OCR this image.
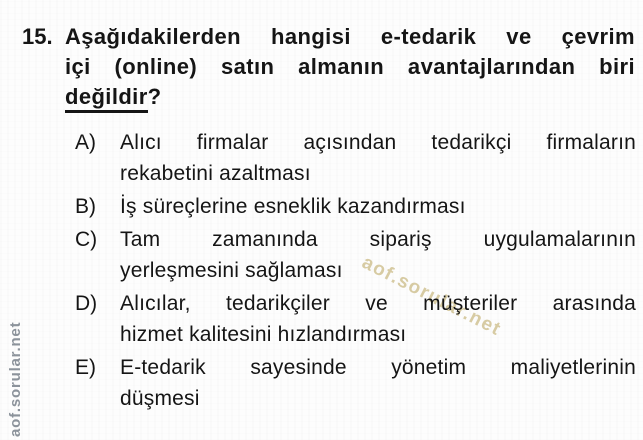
aof.sorular.net
aof.sorular.net
15. Aşağıdakilerden hangisi e-tedarik ve çevrim
içi (online) satın almanın avantajlarından biri
değildir?
A)	Alıcı firmalar açısından tedarikçi firmaların
rekabetini azaltması
B)	İş süreçlerine esneklik kazandırması
C)	Tam zamanında sipariş uygulamalarının
yerleşmesini sağlaması
D)	Alıcılar, tedarikçiler ve müşteriler arasında
hizmet kalitesini hızlandırması
E)	E-tedarik sayesinde yönetim maliyetlerinin
düşmesi
